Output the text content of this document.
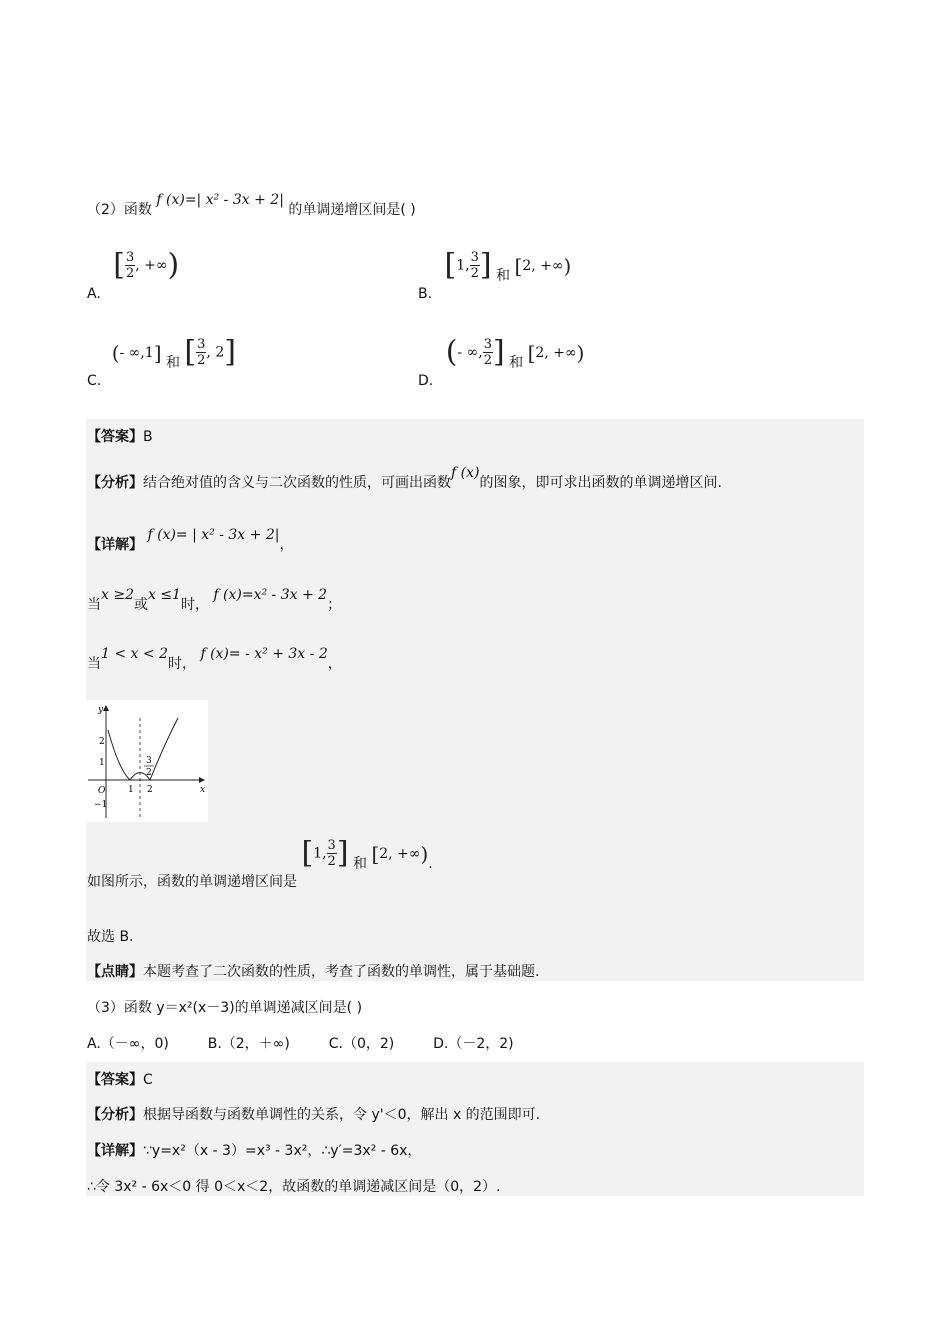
（2）函数 f (x)=| x² - 3x + 2| 的单调递增区间是( )
A. [ $\frac{3}{2}$ , +∞)
B. [1, $\frac{3}{2}$ ] 和 [2, +∞)
C. (- ∞,1] 和 [ $\frac{3}{2}$ , 2]
D. (- ∞, $\frac{3}{2}$ ] 和 [2, +∞)
【答案】B
【分析】结合绝对值的含义与二次函数的性质，可画出函数f (x)的图象，即可求出函数的单调递增区间.
【详解】 f (x)= | x² - 3x + 2|，
当x ≥2或x ≤1时， f (x)=x² - 3x + 2；
当1 < x < 2时， f (x)= - x² + 3x - 2，
y
x
O
2
1
−1
1 2
3
2
如图所示，函数的单调递增区间是 [1, $\frac{3}{2}$ ] 和 [2, +∞).
故选 B.
【点睛】本题考查了二次函数的性质，考查了函数的单调性，属于基础题.
（3）函数 y＝x²(x－3)的单调递减区间是( )
A.（－∞，0)	B.（2，＋∞)	C.（0，2)	D.（－2，2)
【答案】C
【分析】根据导函数与函数单调性的关系，令 y'＜0，解出 x 的范围即可.
【详解】∵y=x²（x - 3）=x³ - 3x²，∴y′=3x² - 6x，
∴令 3x² - 6x＜0 得 0＜x＜2，故函数的单调递减区间是（0，2）.
